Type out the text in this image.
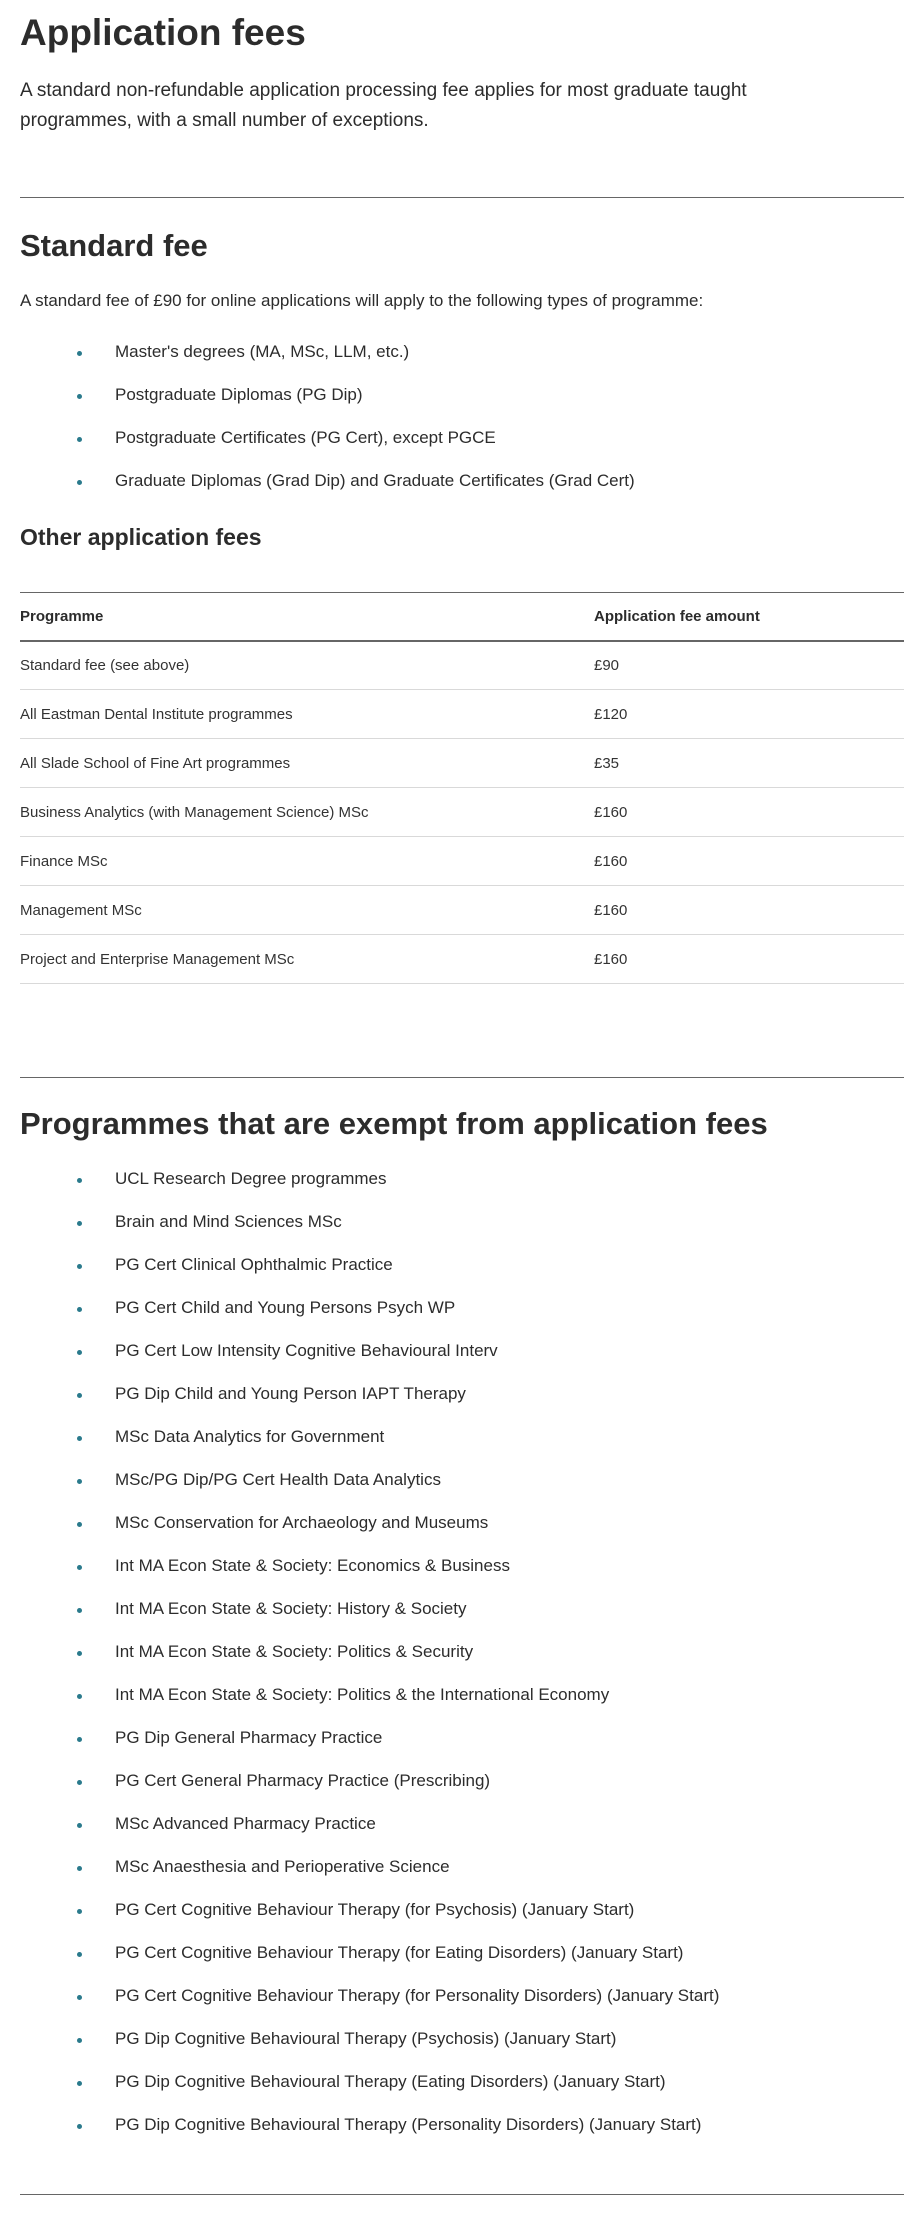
Application fees

A standard non-refundable application processing fee applies for most graduate taught programmes, with a small number of exceptions.

Standard fee

A standard fee of £90 for online applications will apply to the following types of programme:

Master's degrees (MA, MSc, LLM, etc.)
Postgraduate Diplomas (PG Dip)
Postgraduate Certificates (PG Cert), except PGCE
Graduate Diplomas (Grad Dip) and Graduate Certificates (Grad Cert)
Other application fees
Programme	Application fee amount
Standard fee (see above)	£90
All Eastman Dental Institute programmes	£120
All Slade School of Fine Art programmes	£35
Business Analytics (with Management Science) MSc	£160
Finance MSc	£160
Management MSc	£160
Project and Enterprise Management MSc	£160
Programmes that are exempt from application fees
UCL Research Degree programmes
Brain and Mind Sciences MSc
PG Cert Clinical Ophthalmic Practice
PG Cert Child and Young Persons Psych WP
PG Cert Low Intensity Cognitive Behavioural Interv
PG Dip Child and Young Person IAPT Therapy
MSc Data Analytics for Government
MSc/PG Dip/PG Cert Health Data Analytics
MSc Conservation for Archaeology and Museums
Int MA Econ State & Society: Economics & Business
Int MA Econ State & Society: History & Society
Int MA Econ State & Society: Politics & Security
Int MA Econ State & Society: Politics & the International Economy
PG Dip General Pharmacy Practice
PG Cert General Pharmacy Practice (Prescribing)
MSc Advanced Pharmacy Practice
MSc Anaesthesia and Perioperative Science
PG Cert Cognitive Behaviour Therapy (for Psychosis) (January Start)
PG Cert Cognitive Behaviour Therapy (for Eating Disorders) (January Start)
PG Cert Cognitive Behaviour Therapy (for Personality Disorders) (January Start)
PG Dip Cognitive Behavioural Therapy (Psychosis) (January Start)
PG Dip Cognitive Behavioural Therapy (Eating Disorders) (January Start)
PG Dip Cognitive Behavioural Therapy (Personality Disorders) (January Start)
